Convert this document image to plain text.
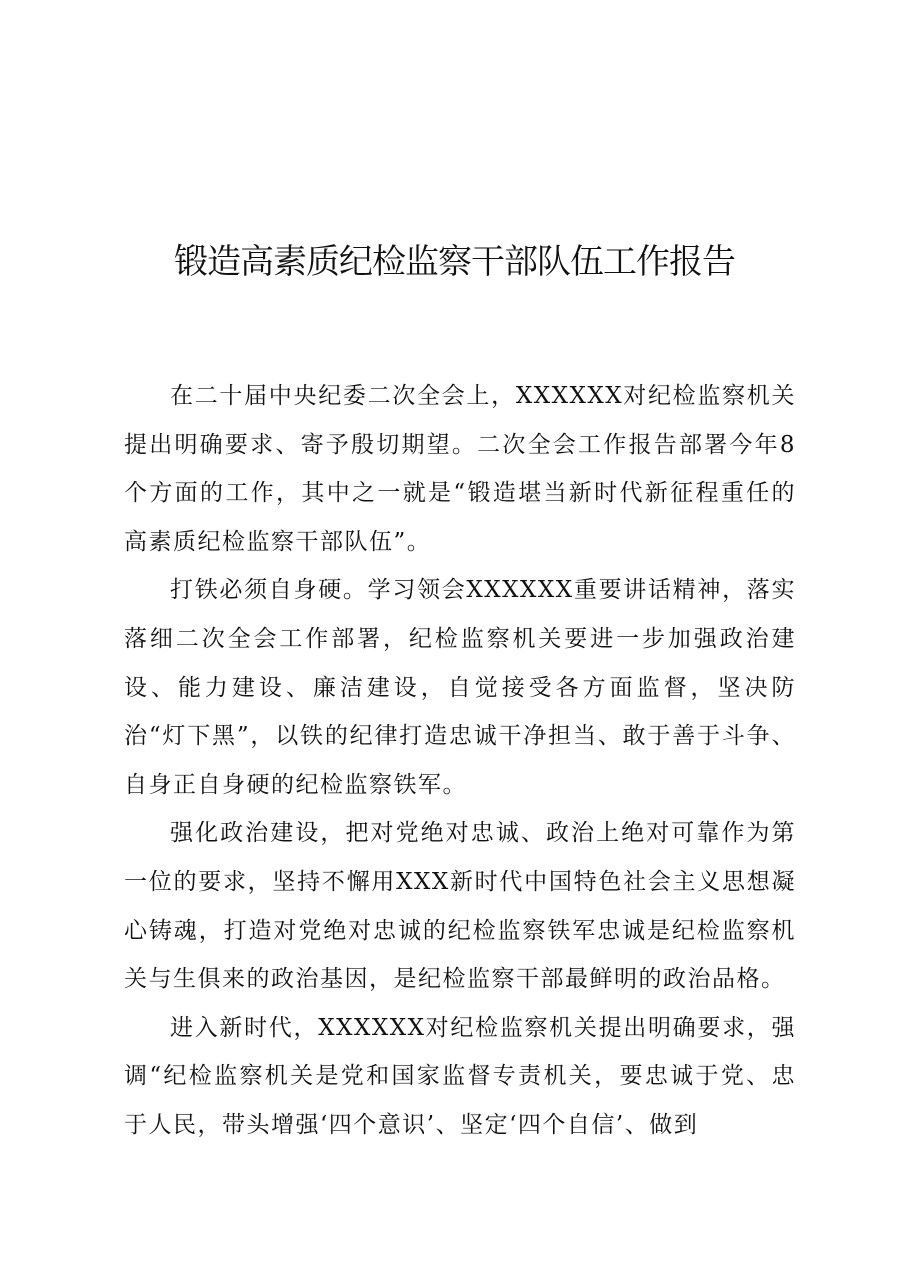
锻造高素质纪检监察干部队伍工作报告

在二十届中央纪委二次全会上，XXXXXX对纪检监察机关提出明确要求、寄予殷切期望。二次全会工作报告部署今年8个方面的工作，其中之一就是“锻造堪当新时代新征程重任的高素质纪检监察干部队伍”。

打铁必须自身硬。学习领会XXXXXX重要讲话精神，落实落细二次全会工作部署，纪检监察机关要进一步加强政治建设、能力建设、廉洁建设，自觉接受各方面监督，坚决防治“灯下黑”，以铁的纪律打造忠诚干净担当、敢于善于斗争、自身正自身硬的纪检监察铁军。

强化政治建设，把对党绝对忠诚、政治上绝对可靠作为第一位的要求，坚持不懈用XXX新时代中国特色社会主义思想凝心铸魂，打造对党绝对忠诚的纪检监察铁军忠诚是纪检监察机关与生俱来的政治基因，是纪检监察干部最鲜明的政治品格。

进入新时代，XXXXXX对纪检监察机关提出明确要求，强调“纪检监察机关是党和国家监督专责机关，要忠诚于党、忠于人民，带头增强‘四个意识’、坚定‘四个自信’、做到
